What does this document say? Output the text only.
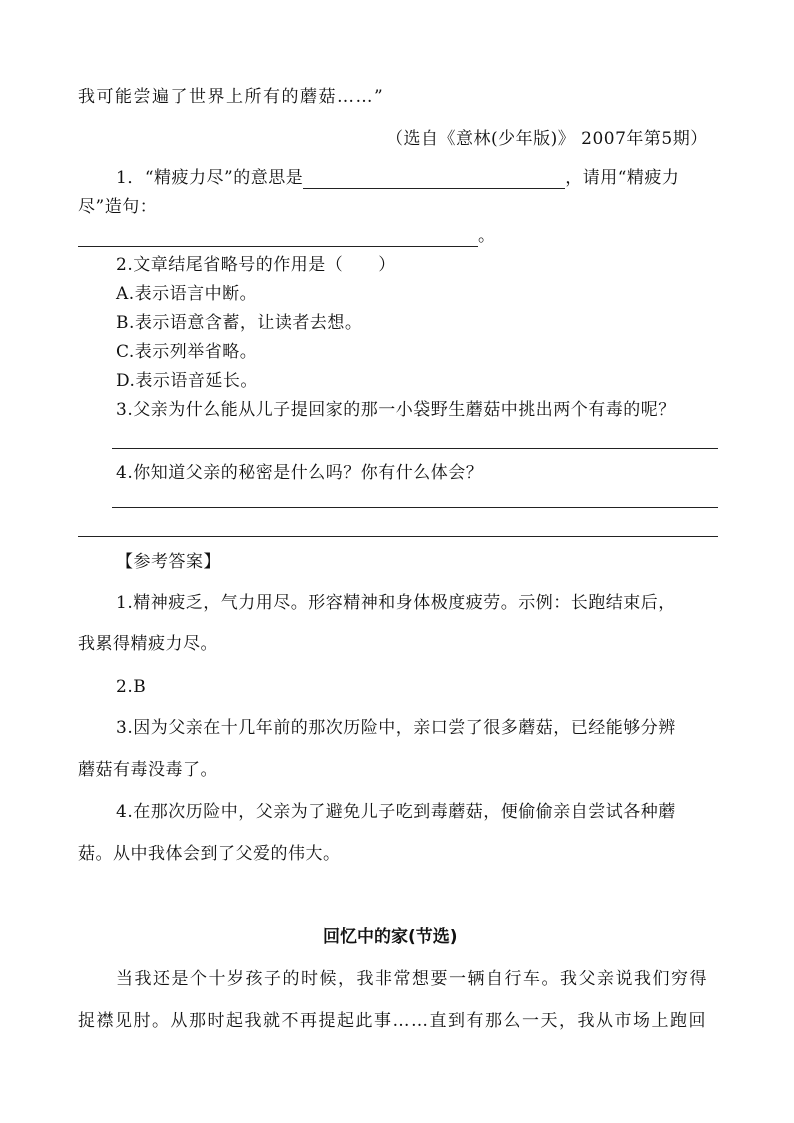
我可能尝遍了世界上所有的蘑菇……”
（选自《意林(少年版)》 2007年第5期）
1．“精疲力尽”的意思是	，请用“精疲力
尽”造句：
。
2.文章结尾省略号的作用是（　　）
A.表示语言中断。
B.表示语意含蓄，让读者去想。
C.表示列举省略。
D.表示语音延长。
3.父亲为什么能从儿子提回家的那一小袋野生蘑菇中挑出两个有毒的呢？
4.你知道父亲的秘密是什么吗？你有什么体会？
【参考答案】
1.精神疲乏，气力用尽。形容精神和身体极度疲劳。示例：长跑结束后，
我累得精疲力尽。
2.B
3.因为父亲在十几年前的那次历险中，亲口尝了很多蘑菇，已经能够分辨
蘑菇有毒没毒了。
4.在那次历险中，父亲为了避免儿子吃到毒蘑菇，便偷偷亲自尝试各种蘑
菇。从中我体会到了父爱的伟大。
回忆中的家(节选)
当我还是个十岁孩子的时候，我非常想要一辆自行车。我父亲说我们穷得
捉襟见肘。从那时起我就不再提起此事……直到有那么一天，我从市场上跑回
